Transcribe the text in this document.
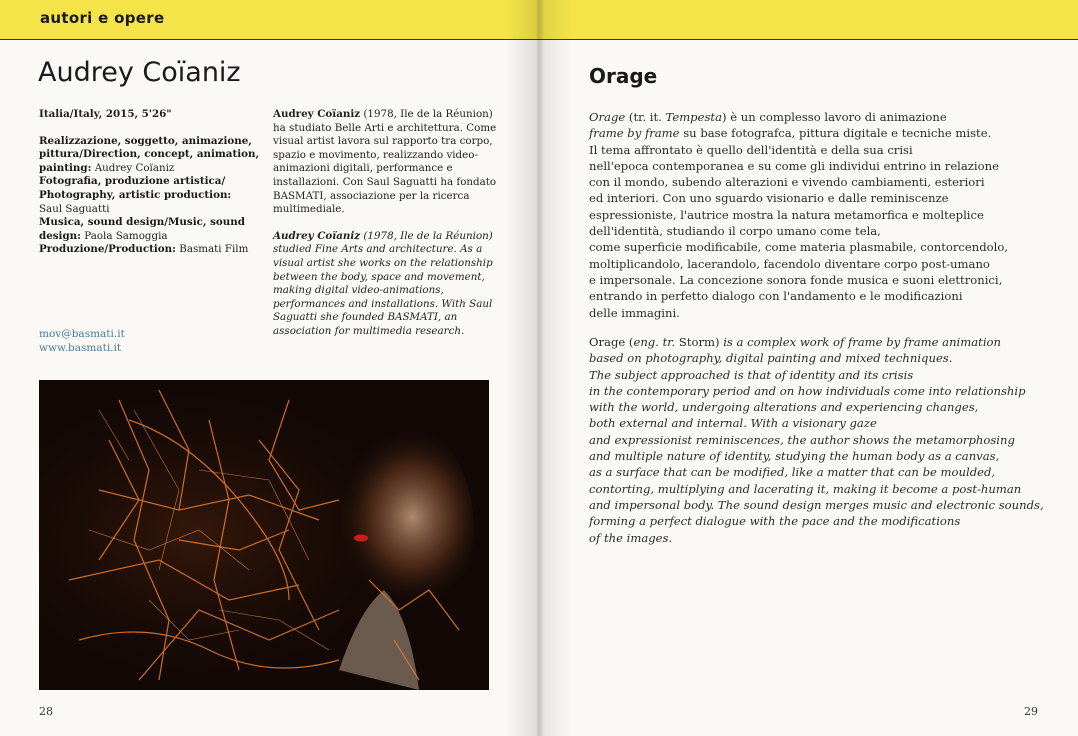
Audrey Coïaniz
Italia/Italy, 2015, 5'26"
Realizzazione, soggetto, animazione, pittura/Direction, concept, animation, painting: Audrey Coïaniz
Fotografia, produzione artistica/ Photography, artistic production:
Saul Saguatti
Musica, sound design/Music, sound design: Paola Samoggia
Produzione/Production: Basmati Film
mov@basmati.it
www.basmati.it

Audrey Coïaniz (1978, Ile de la Réunion) ha studiato Belle Arti e architettura. Come visual artist lavora sul rapporto tra corpo, spazio e movimento, realizzando video-animazioni digitali, performance e installazioni. Con Saul Saguatti ha fondato BASMATI, associazione per la ricerca multimediale.

Audrey Coïaniz (1978, Ile de la Réunion) studied Fine Arts and architecture. As a visual artist she works on the relationship between the body, space and movement, making digital video-animations, performances and installations. With Saul Saguatti she founded BASMATI, an association for multimedia research.

28
Orage
Orage (tr. it. Tempesta) è un complesso lavoro di animazione
frame by frame su base fotografca, pittura digitale e tecniche miste.
Il tema affrontato è quello dell'identità e della sua crisi
nell'epoca contemporanea e su come gli individui entrino in relazione
con il mondo, subendo alterazioni e vivendo cambiamenti, esteriori
ed interiori. Con uno sguardo visionario e dalle reminiscenze
espressioniste, l'autrice mostra la natura metamorfica e molteplice
dell'identità, studiando il corpo umano come tela,
come superficie modificabile, come materia plasmabile, contorcendolo,
moltiplicandolo, lacerandolo, facendolo diventare corpo post-umano
e impersonale. La concezione sonora fonde musica e suoni elettronici,
entrando in perfetto dialogo con l'andamento e le modificazioni
delle immagini.
Orage (eng. tr. Storm) is a complex work of frame by frame animation
based on photography, digital painting and mixed techniques.
The subject approached is that of identity and its crisis
in the contemporary period and on how individuals come into relationship
with the world, undergoing alterations and experiencing changes,
both external and internal. With a visionary gaze
and expressionist reminiscences, the author shows the metamorphosing
and multiple nature of identity, studying the human body as a canvas,
as a surface that can be modified, like a matter that can be moulded,
contorting, multiplying and lacerating it, making it become a post-human
and impersonal body. The sound design merges music and electronic sounds,
forming a perfect dialogue with the pace and the modifications
of the images.
29
autori e opere
